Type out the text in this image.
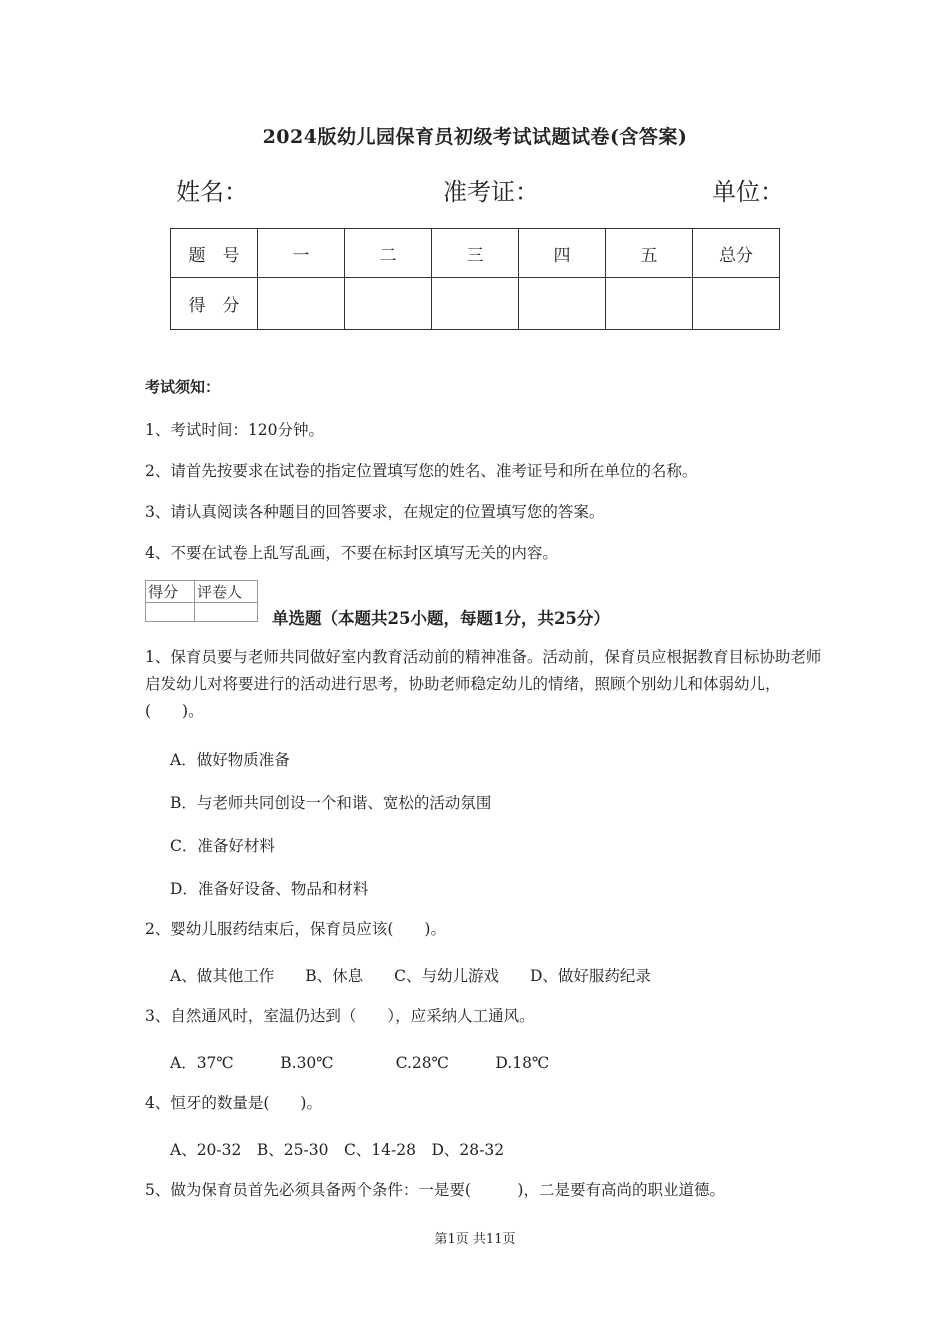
2024版幼儿园保育员初级考试试题试卷(含答案)
姓名：	准考证：	单位：
题　号	一	二	三	四	五	总分
得　分						
考试须知：
1、考试时间：120分钟。
2、请首先按要求在试卷的指定位置填写您的姓名、准考证号和所在单位的名称。
3、请认真阅读各种题目的回答要求，在规定的位置填写您的答案。
4、不要在试卷上乱写乱画，不要在标封区填写无关的内容。
得分	评卷人

单选题（本题共25小题，每题1分，共25分）
1、保育员要与老师共同做好室内教育活动前的精神准备。活动前，保育员应根据教育目标协助老师启发幼儿对将要进行的活动进行思考，协助老师稳定幼儿的情绪，照顾个别幼儿和体弱幼儿，(　　)。
A．做好物质准备
B．与老师共同创设一个和谐、宽松的活动氛围
C．准备好材料
D．准备好设备、物品和材料
2、婴幼儿服药结束后，保育员应该(　　)。
A、做其他工作　　B、休息　　C、与幼儿游戏　　D、做好服药纪录
3、自然通风时，室温仍达到（　　），应采纳人工通风。
A．37℃　　　B.30℃　　　　C.28℃　　　D.18℃
4、恒牙的数量是(　　)。
A、20-32　B、25-30　C、14-28　D、28-32
5、做为保育员首先必须具备两个条件：一是要(　　　)，二是要有高尚的职业道德。
第1页 共11页
